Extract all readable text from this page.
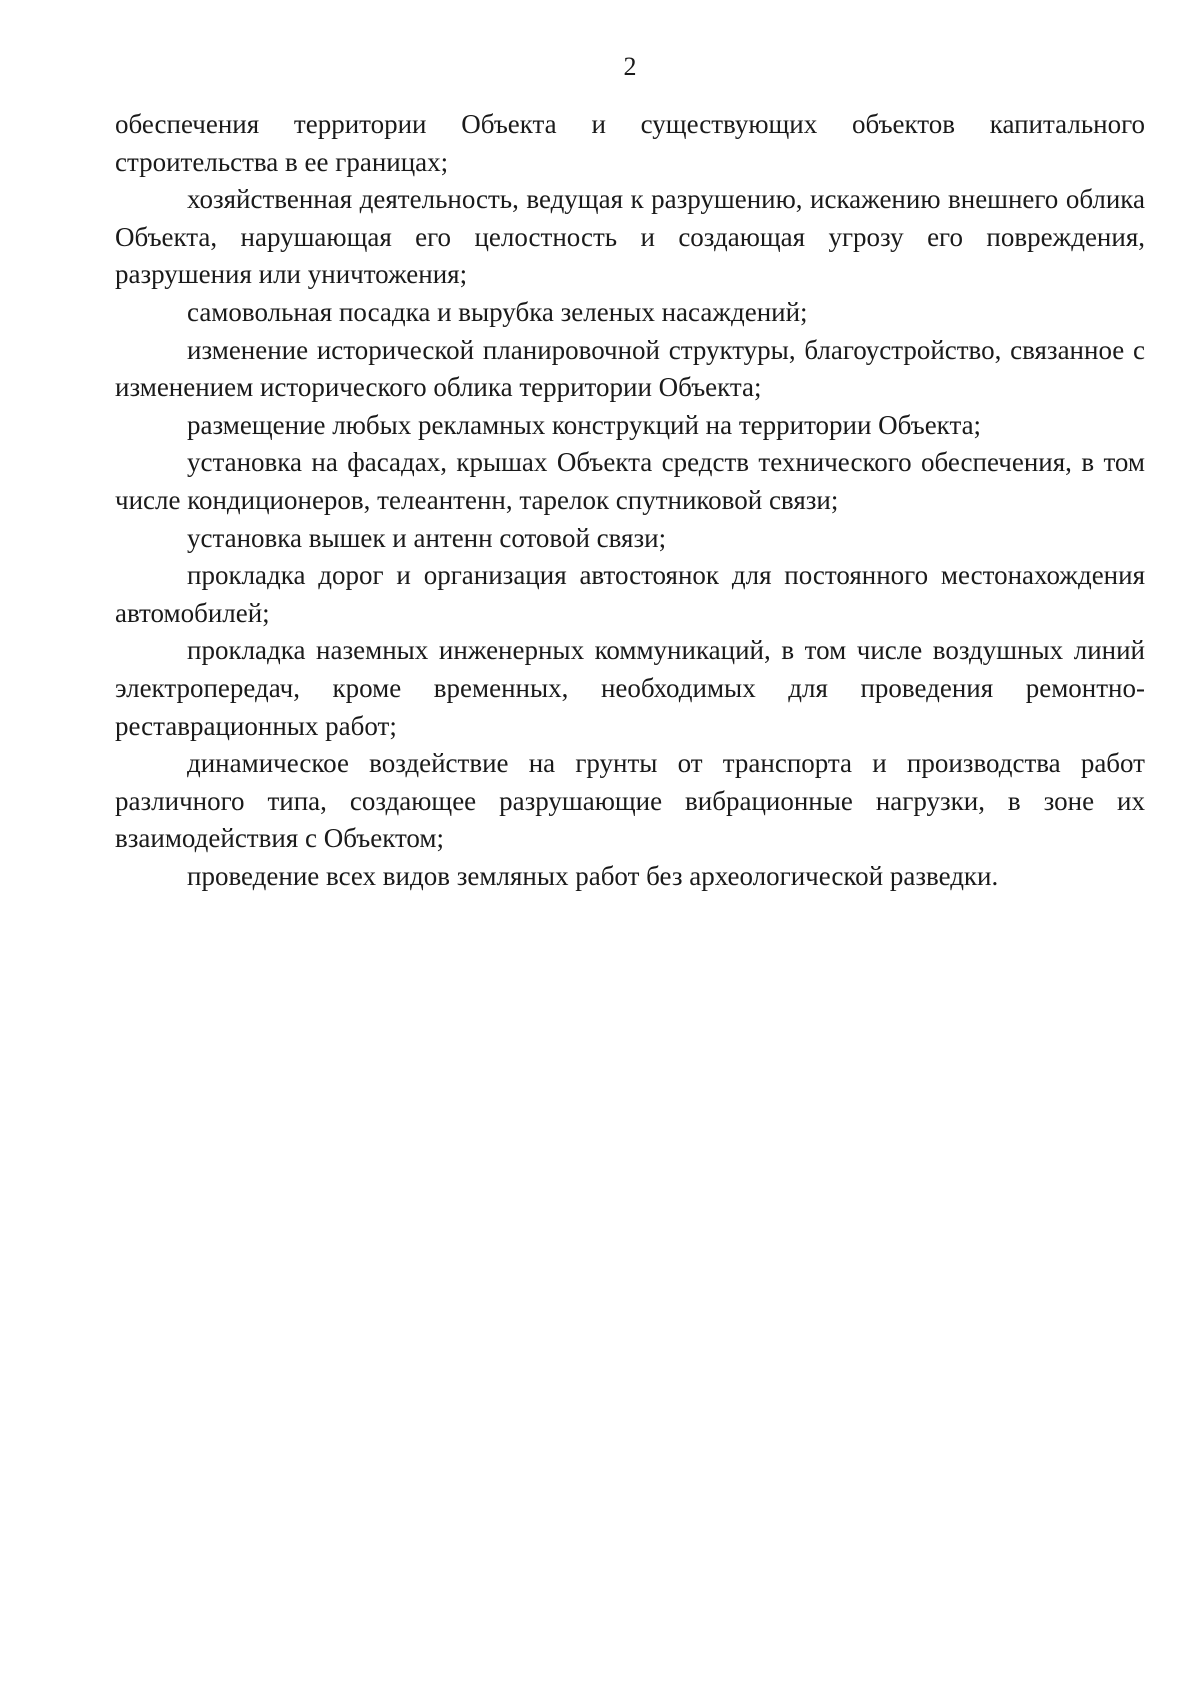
2

обеспечения территории Объекта и существующих объектов капитального строительства в ее границах;

хозяйственная деятельность, ведущая к разрушению, искажению внешнего облика Объекта, нарушающая его целостность и создающая угрозу его повреждения, разрушения или уничтожения;

самовольная посадка и вырубка зеленых насаждений;

изменение исторической планировочной структуры, благоустройство, связанное с изменением исторического облика территории Объекта;

размещение любых рекламных конструкций на территории Объекта;

установка на фасадах, крышах Объекта средств технического обеспечения, в том числе кондиционеров, телеантенн, тарелок спутниковой связи;

установка вышек и антенн сотовой связи;

прокладка дорог и организация автостоянок для постоянного местонахождения автомобилей;

прокладка наземных инженерных коммуникаций, в том числе воздушных линий электропередач, кроме временных, необходимых для проведения ремонтно-реставрационных работ;

динамическое воздействие на грунты от транспорта и производства работ различного типа, создающее разрушающие вибрационные нагрузки, в зоне их взаимодействия с Объектом;

проведение всех видов земляных работ без археологической разведки.
